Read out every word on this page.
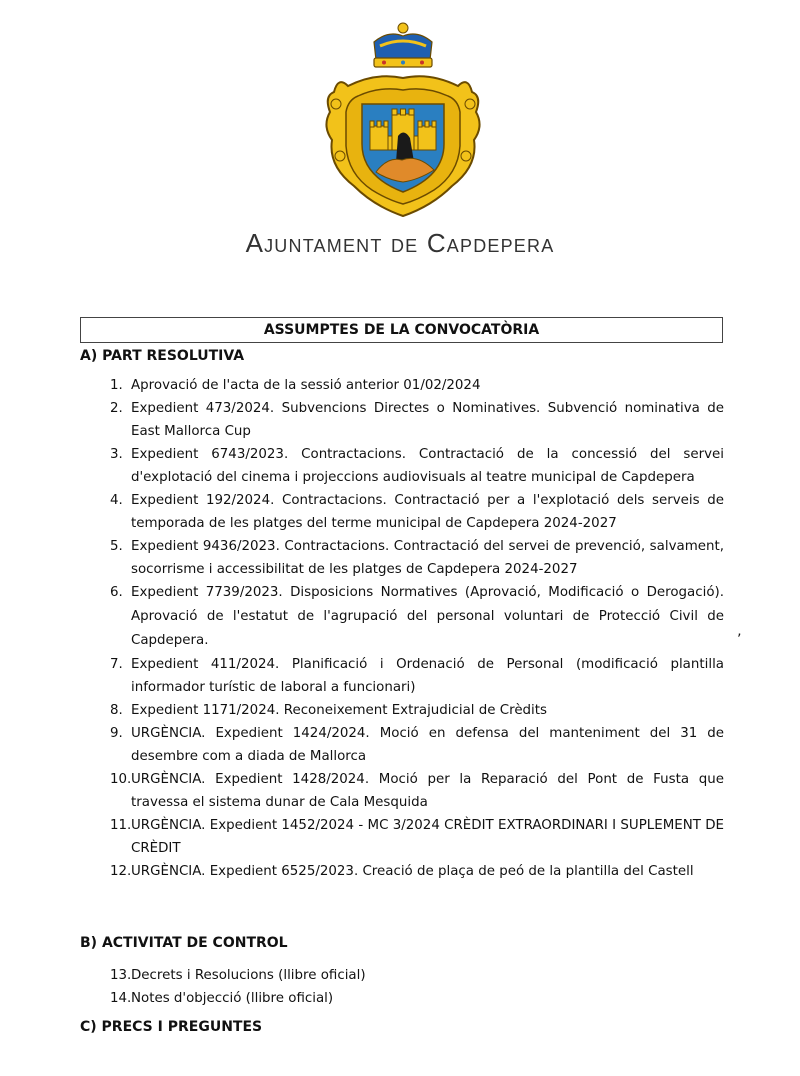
Ajuntament de Capdepera
ASSUMPTES DE LA CONVOCATÒRIA
A) PART RESOLUTIVA
1. Aprovació de l'acta de la sessió anterior 01/02/2024
2. Expedient 473/2024. Subvencions Directes o Nominatives. Subvenció nominativa de East Mallorca Cup
3. Expedient 6743/2023. Contractacions. Contractació de la concessió del servei d'explotació del cinema i projeccions audiovisuals al teatre municipal de Capdepera
4. Expedient 192/2024. Contractacions. Contractació per a l'explotació dels serveis de temporada de les platges del terme municipal de Capdepera 2024-2027
5. Expedient 9436/2023. Contractacions. Contractació del servei de prevenció, salvament, socorrisme i accessibilitat de les platges de Capdepera 2024-2027
6. Expedient 7739/2023. Disposicions Normatives (Aprovació, Modificació o Derogació). Aprovació de l'estatut de l'agrupació del personal voluntari de Protecció Civil de Capdepera.
7. Expedient 411/2024. Planificació i Ordenació de Personal (modificació plantilla informador turístic de laboral a funcionari)
8. Expedient 1171/2024. Reconeixement Extrajudicial de Crèdits
9. URGÈNCIA. Expedient 1424/2024. Moció en defensa del manteniment del 31 de desembre com a diada de Mallorca
10. URGÈNCIA. Expedient 1428/2024. Moció per la Reparació del Pont de Fusta que travessa el sistema dunar de Cala Mesquida
11. URGÈNCIA. Expedient 1452/2024 - MC 3/2024 CRÈDIT EXTRAORDINARI I SUPLEMENT DE CRÈDIT
12. URGÈNCIA. Expedient 6525/2023. Creació de plaça de peó de la plantilla del Castell
’
B) ACTIVITAT DE CONTROL
13. Decrets i Resolucions (llibre oficial)
14. Notes d'objecció (llibre oficial)
C) PRECS I PREGUNTES
